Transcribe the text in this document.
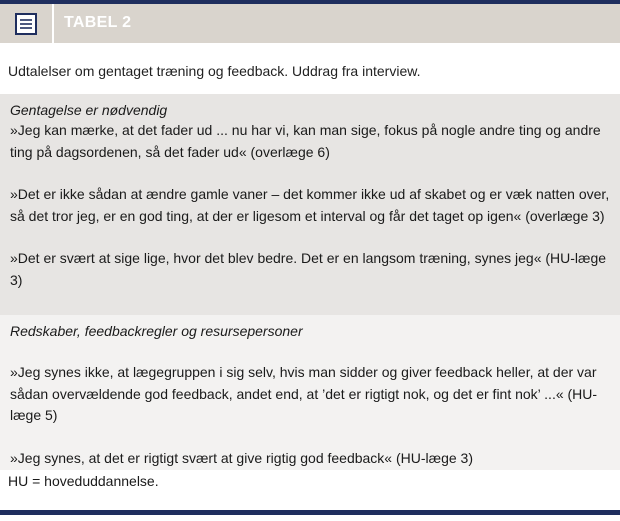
TABEL 2
Udtalelser om gentaget træning og feedback. Uddrag fra interview.
Gentagelse er nødvendig

»Jeg kan mærke, at det fader ud ... nu har vi, kan man sige, fokus på nogle andre ting og andre ting på dagsordenen, så det fader ud« (overlæge 6)

»Det er ikke sådan at ændre gamle vaner – det kommer ikke ud af skabet og er væk natten over, så det tror jeg, er en god ting, at der er ligesom et interval og får det taget op igen« (overlæge 3)

»Det er svært at sige lige, hvor det blev bedre. Det er en langsom træning, synes jeg« (HU-læge 3)

Redskaber, feedbackregler og resursepersoner

»Jeg synes ikke, at lægegruppen i sig selv, hvis man sidder og giver feedback heller, at der var sådan overvældende god feedback, andet end, at ’det er rigtigt nok, og det er fint nok’ ...« (HU-læge 5)

»Jeg synes, at det er rigtigt svært at give rigtig god feedback« (HU-læge 3)

HU = hoveduddannelse.
